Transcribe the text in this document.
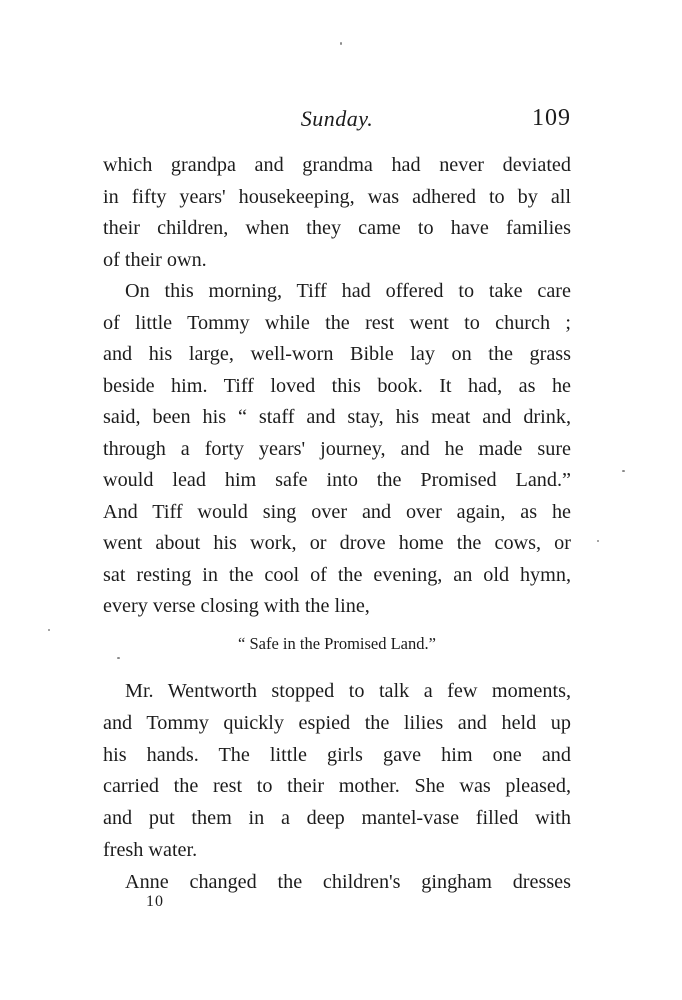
Sunday.	109

which grandpa and grandma had never deviated
in fifty years' housekeeping, was adhered to by all
their children, when they came to have families
of their own.

On this morning, Tiff had offered to take care
of little Tommy while the rest went to church ;
and his large, well-worn Bible lay on the grass
beside him. Tiff loved this book. It had, as he
said, been his “ staff and stay, his meat and drink,
through a forty years' journey, and he made sure
would lead him safe into the Promised Land.”
And Tiff would sing over and over again, as he
went about his work, or drove home the cows, or
sat resting in the cool of the evening, an old hymn,
every verse closing with the line,

“ Safe in the Promised Land.”

Mr. Wentworth stopped to talk a few moments,
and Tommy quickly espied the lilies and held up
his hands. The little girls gave him one and
carried the rest to their mother. She was pleased,
and put them in a deep mantel-vase filled with
fresh water.

Anne changed the children's gingham dresses

10
